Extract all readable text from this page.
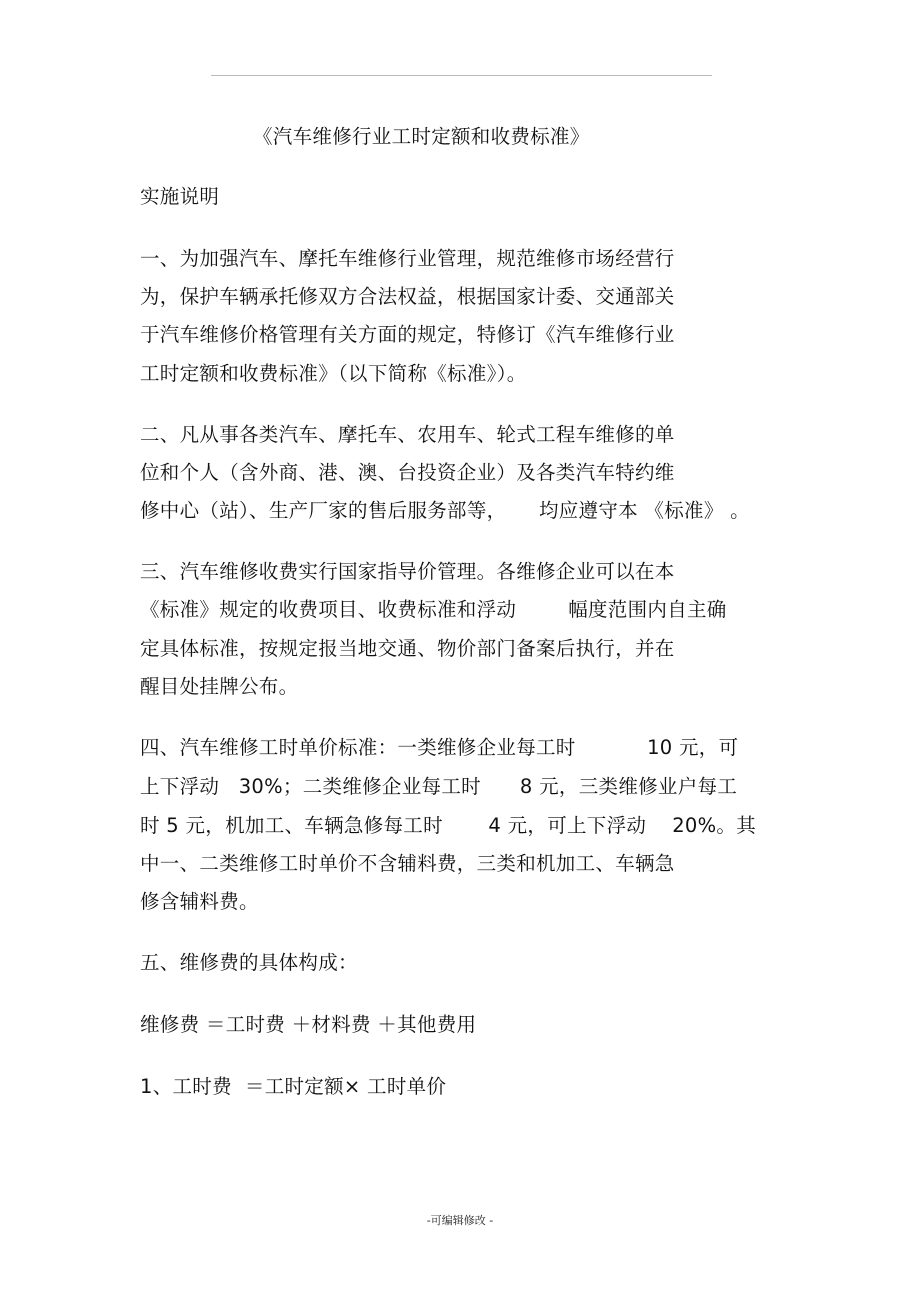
《汽车维修行业工时定额和收费标准》
实施说明
一、为加强汽车、摩托车维修行业管理，规范维修市场经营行
为，保护车辆承托修双方合法权益，根据国家计委、交通部关
于汽车维修价格管理有关方面的规定，特修订《汽车维修行业
工时定额和收费标准》（以下简称《标准》）。
二、凡从事各类汽车、摩托车、农用车、轮式工程车维修的单
位和个人（含外商、港、澳、台投资企业）及各类汽车特约维
修中心（站）、生产厂家的售后服务部等，     均应遵守本 《标准》 。
三、汽车维修收费实行国家指导价管理。各维修企业可以在本
《标准》规定的收费项目、收费标准和浮动        幅度范围内自主确
定具体标准，按规定报当地交通、物价部门备案后执行，并在
醒目处挂牌公布。
四、汽车维修工时单价标准：一类维修企业每工时           10 元，可
上下浮动   30%；二类维修企业每工时      8 元，三类维修业户每工
时 5 元，机加工、车辆急修每工时       4 元，可上下浮动    20%。其
中一、二类维修工时单价不含辅料费，三类和机加工、车辆急
修含辅料费。
五、维修费的具体构成：
维修费 ＝工时费 ＋材料费 ＋其他费用
1、工时费  ＝工时定额× 工时单价
-可编辑修改 -
